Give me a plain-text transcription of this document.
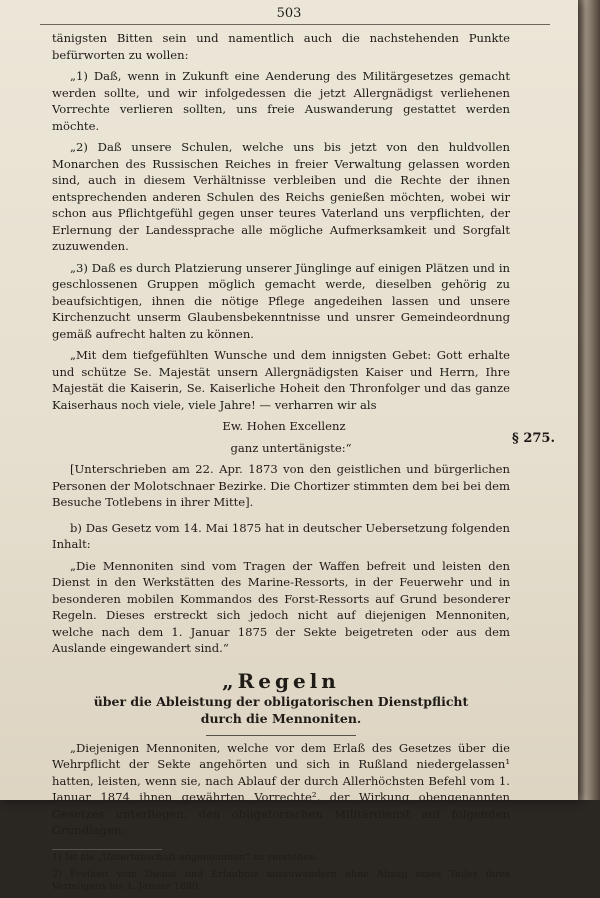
503
§ 275.

tänigsten Bitten sein und namentlich auch die nachstehenden Punkte befürworten zu wollen:

„1) Daß, wenn in Zukunft eine Aenderung des Militärgesetzes gemacht werden sollte, und wir infolgedessen die jetzt Allergnädigst verliehenen Vorrechte verlieren sollten, uns freie Auswanderung gestattet werden möchte.

„2) Daß unsere Schulen, welche uns bis jetzt von den huldvollen Monarchen des Russischen Reiches in freier Verwaltung gelassen worden sind, auch in diesem Verhältnisse verbleiben und die Rechte der ihnen entsprechenden anderen Schulen des Reichs genießen möchten, wobei wir schon aus Pflichtgefühl gegen unser teures Vaterland uns verpflichten, der Erlernung der Landessprache alle mögliche Aufmerksamkeit und Sorgfalt zuzuwenden.

„3) Daß es durch Platzierung unserer Jünglinge auf einigen Plätzen und in geschlossenen Gruppen möglich gemacht werde, dieselben gehörig zu beaufsichtigen, ihnen die nötige Pflege angedeihen lassen und unsere Kirchenzucht unserm Glaubensbekenntnisse und unsrer Gemeindeordnung gemäß aufrecht halten zu können.

„Mit dem tiefgefühlten Wunsche und dem innigsten Gebet: Gott erhalte und schütze Se. Majestät unsern Allergnädigsten Kaiser und Herrn, Ihre Majestät die Kaiserin, Se. Kaiserliche Hoheit den Thronfolger und das ganze Kaiserhaus noch viele, viele Jahre! — verharren wir als

Ew. Hohen Excellenz

ganz untertänigste:“

[Unterschrieben am 22. Apr. 1873 von den geistlichen und bürgerlichen Personen der Molotschnaer Bezirke. Die Chortizer stimmten dem bei bei dem Besuche Totlebens in ihrer Mitte].

b) Das Gesetz vom 14. Mai 1875 hat in deutscher Uebersetzung folgenden Inhalt:

„Die Mennoniten sind vom Tragen der Waffen befreit und leisten den Dienst in den Werkstätten des Marine-Ressorts, in der Feuerwehr und in besonderen mobilen Kommandos des Forst-Ressorts auf Grund besonderer Regeln. Dieses erstreckt sich jedoch nicht auf diejenigen Mennoniten, welche nach dem 1. Januar 1875 der Sekte beigetreten oder aus dem Auslande eingewandert sind.“

„Regeln
über die Ableistung der obligatorischen Dienstpflicht
durch die Mennoniten.

„Diejenigen Mennoniten, welche vor dem Erlaß des Gesetzes über die Wehrpflicht der Sekte angehörten und sich in Rußland niedergelassen¹ hatten, leisten, wenn sie, nach Ablauf der durch Allerhöchsten Befehl vom 1. Januar 1874 ihnen gewährten Vorrechte², der Wirkung obengenannten Gesetzes unterliegen, den obligatorischen Militärdienst auf folgenden Grundlagen:

1) Ist als „Untertanschaft angenommen“ zu verstehen.

2) Freiheit vom Dienst und Erlaubnis auszuwandern ohne Abzug eines Teiles ihres Vermögens bis 1. Januar 1880.
